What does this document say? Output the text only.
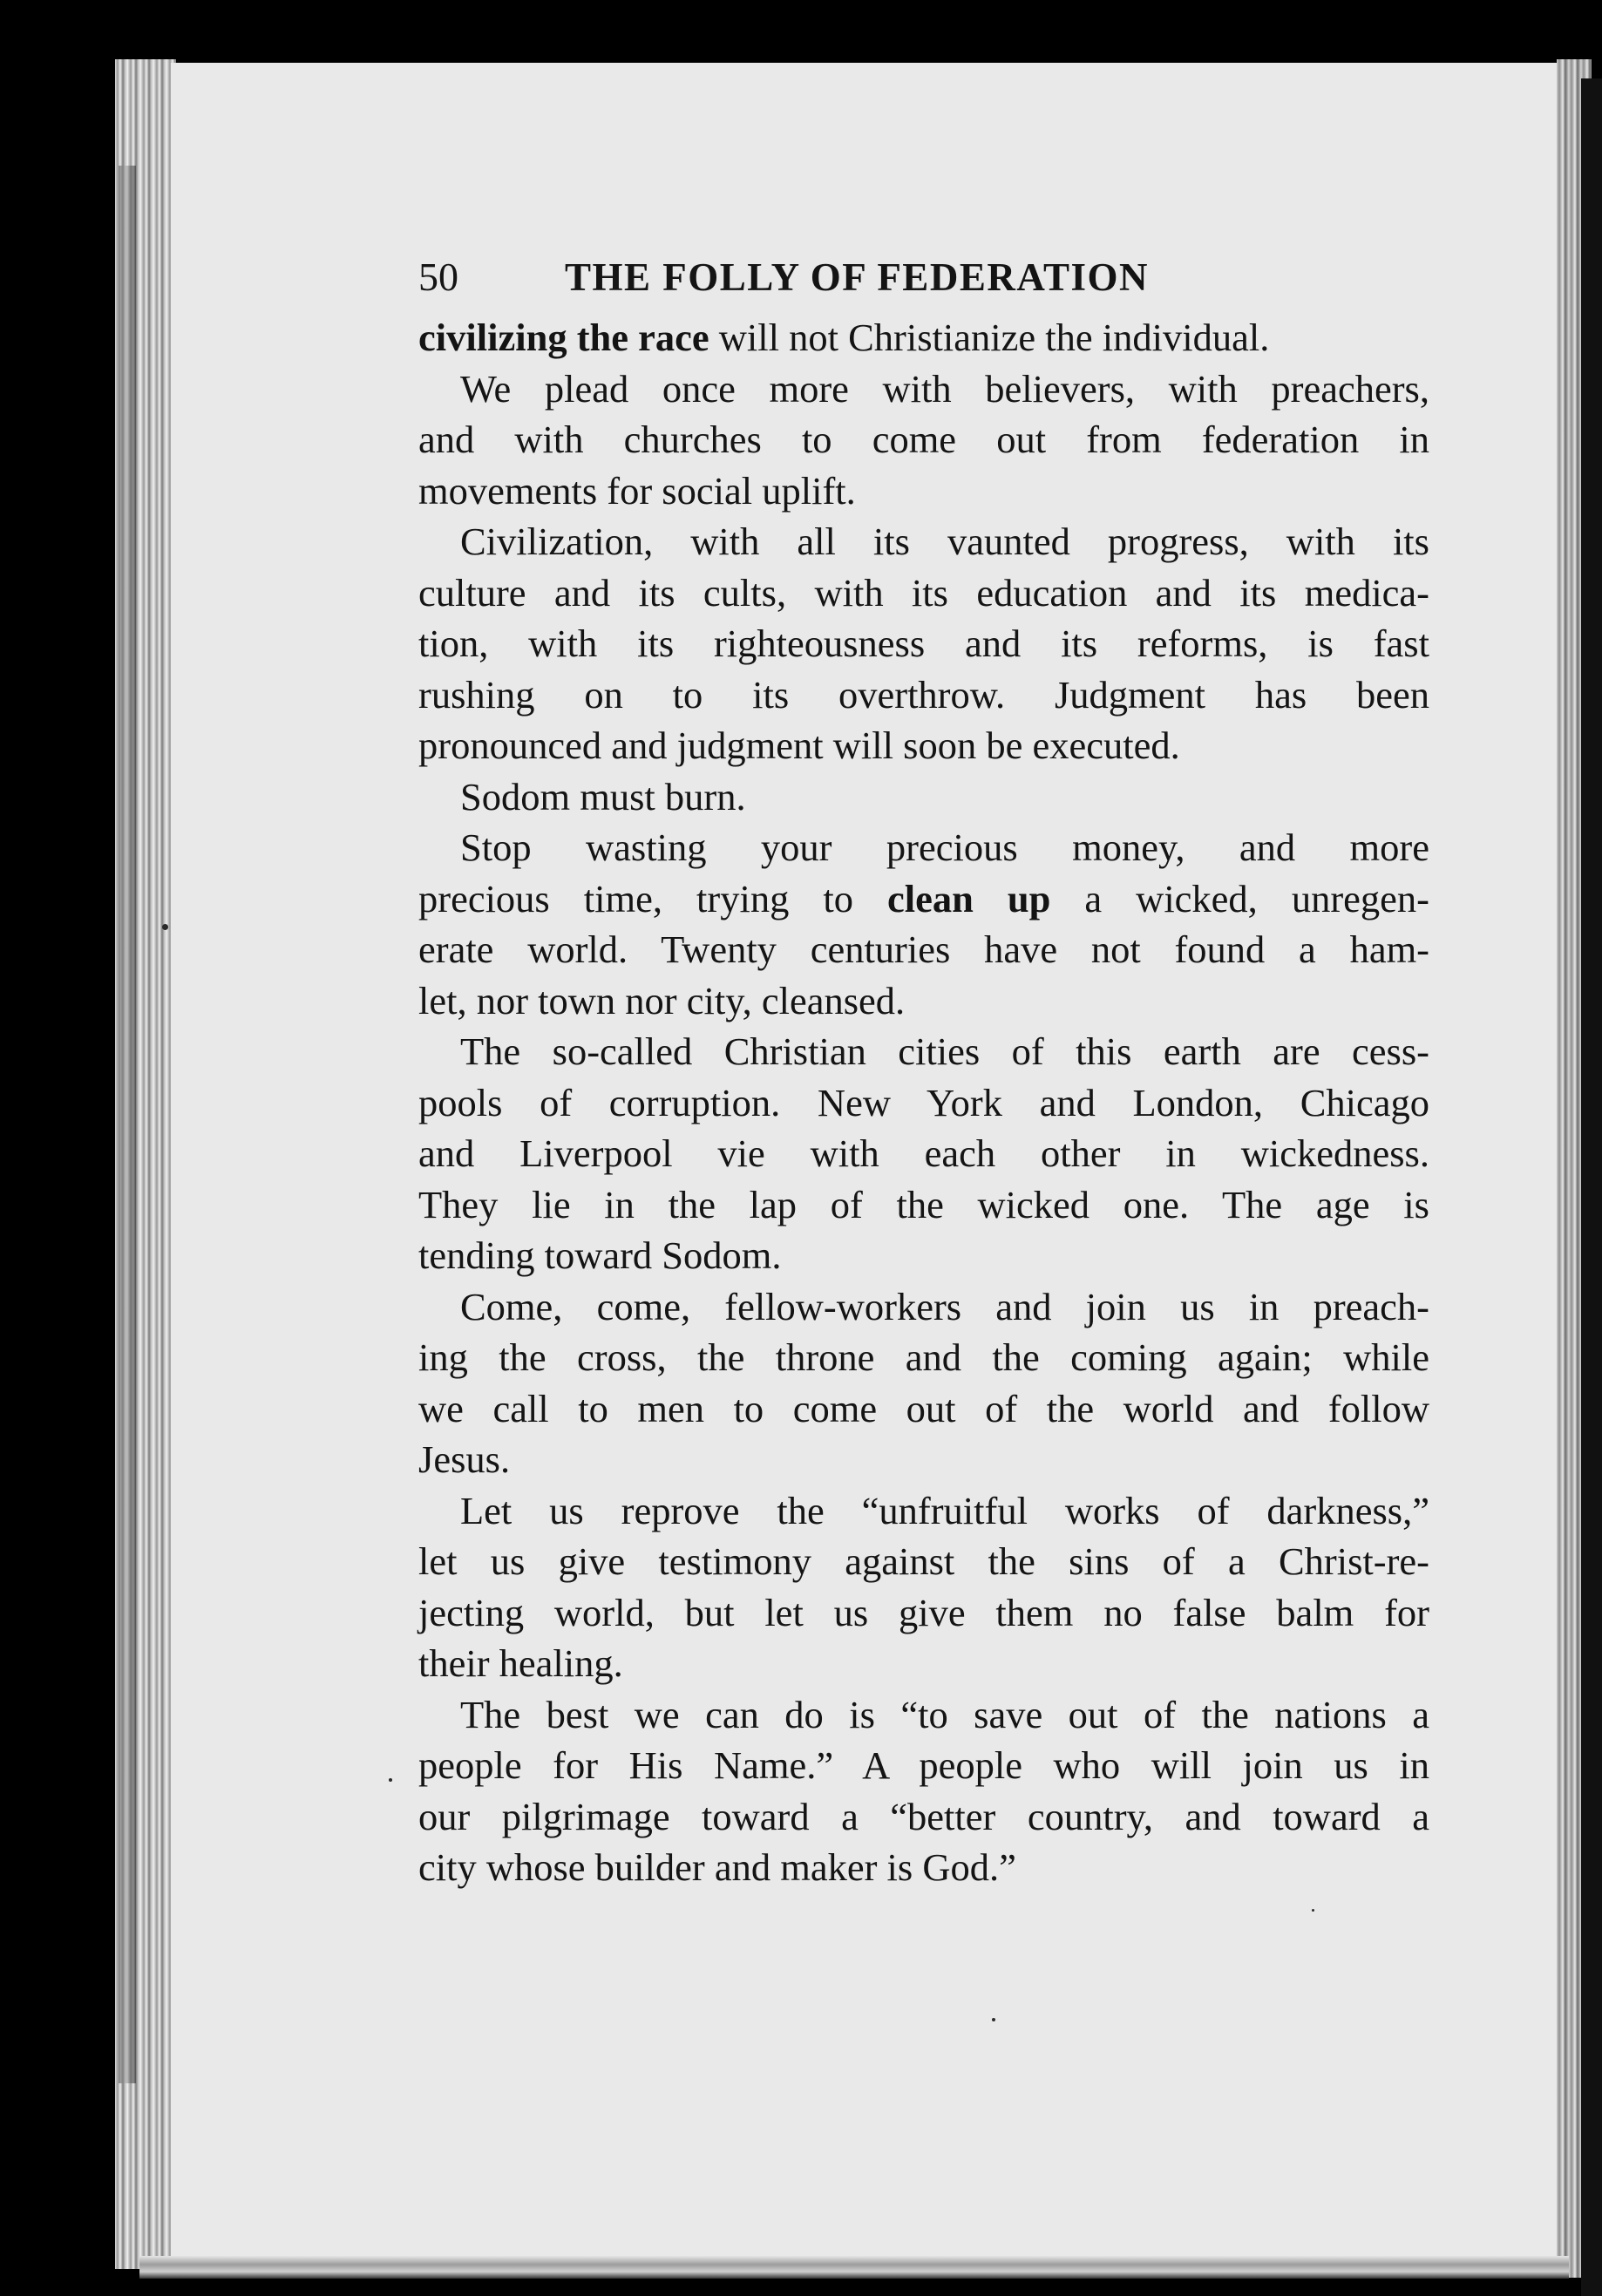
50	THE FOLLY OF FEDERATION

civilizing the race will not Christianize the individual.

We plead once more with believers, with preachers,
and with churches to come out from federation in
movements for social uplift.

Civilization, with all its vaunted progress, with its
culture and its cults, with its education and its medica-
tion, with its righteousness and its reforms, is fast
rushing on to its overthrow. Judgment has been
pronounced and judgment will soon be executed.

Sodom must burn.

Stop wasting your precious money, and more
precious time, trying to clean up a wicked, unregen-
erate world. Twenty centuries have not found a ham-
let, nor town nor city, cleansed.

The so-called Christian cities of this earth are cess-
pools of corruption. New York and London, Chicago
and Liverpool vie with each other in wickedness.
They lie in the lap of the wicked one. The age is
tending toward Sodom.

Come, come, fellow-workers and join us in preach-
ing the cross, the throne and the coming again; while
we call to men to come out of the world and follow
Jesus.

Let us reprove the “unfruitful works of darkness,”
let us give testimony against the sins of a Christ-re-
jecting world, but let us give them no false balm for
their healing.

The best we can do is “to save out of the nations a
people for His Name.” A people who will join us in
our pilgrimage toward a “better country, and toward a
city whose builder and maker is God.”
